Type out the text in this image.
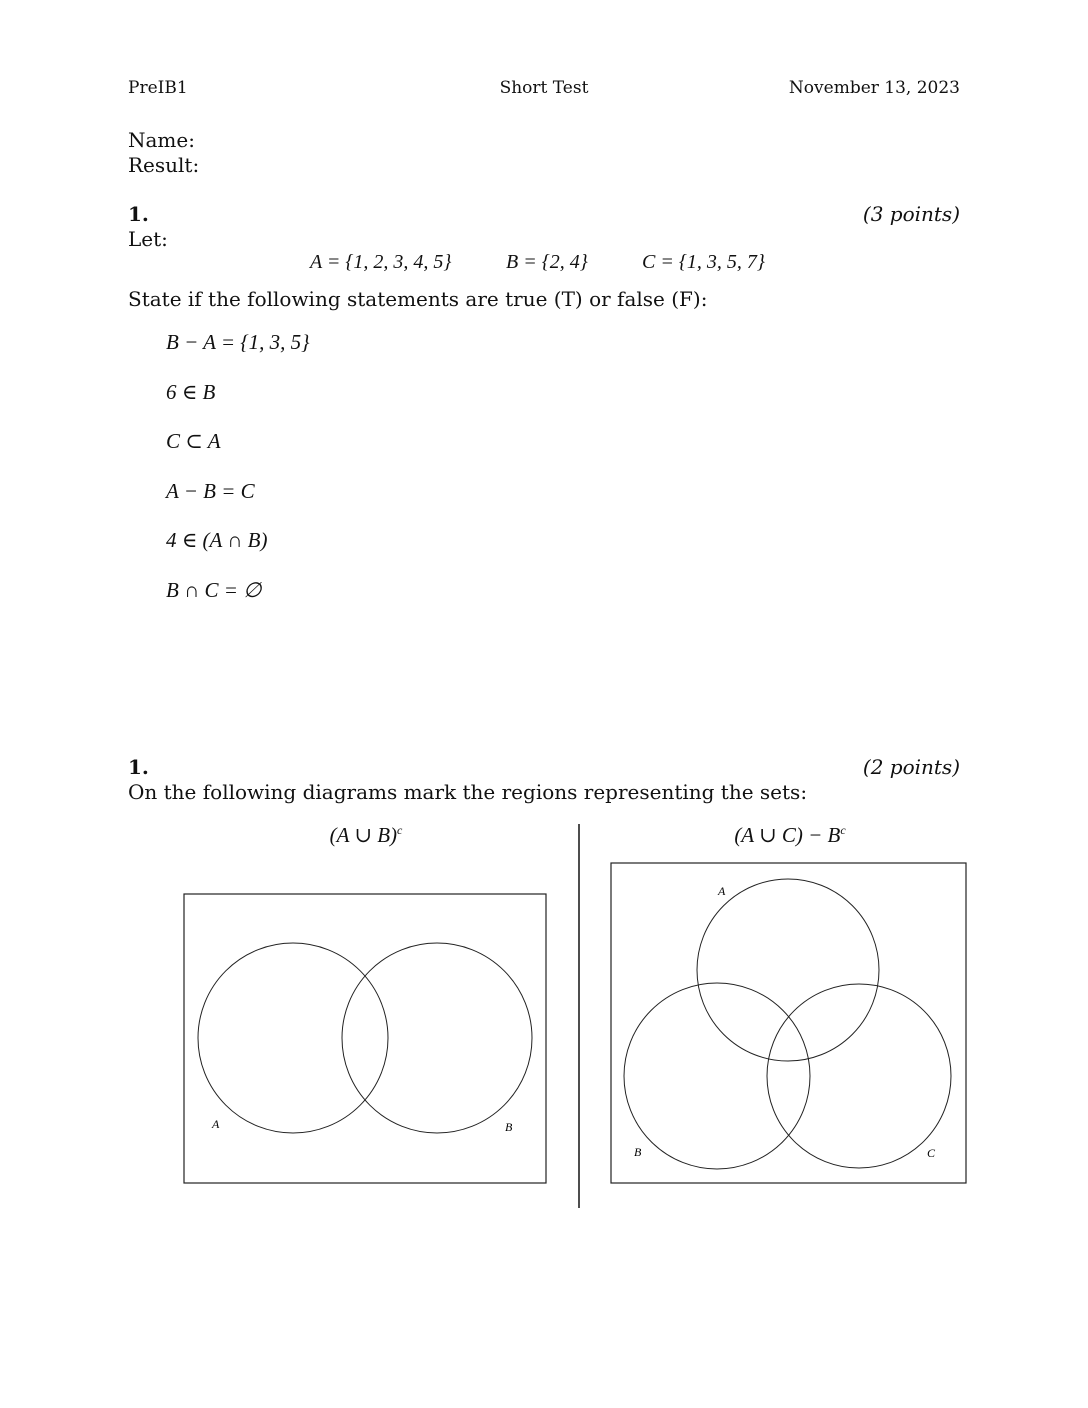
PreIB1	Short Test	November 13, 2023
Name:
Result:
1.	(3 points)
Let:
A = {1, 2, 3, 4, 5}	B = {2, 4}	C = {1, 3, 5, 7}
State if the following statements are true (T) or false (F):
B − A = {1, 3, 5}
6 ∈ B
C ⊂ A
A − B = C
4 ∈ (A ∩ B)
B ∩ C = ∅
1.	(2 points)
On the following diagrams mark the regions representing the sets:
(A ∪ B)$^c$	(A ∪ $C) - B^c$
A	B
A
B	C
